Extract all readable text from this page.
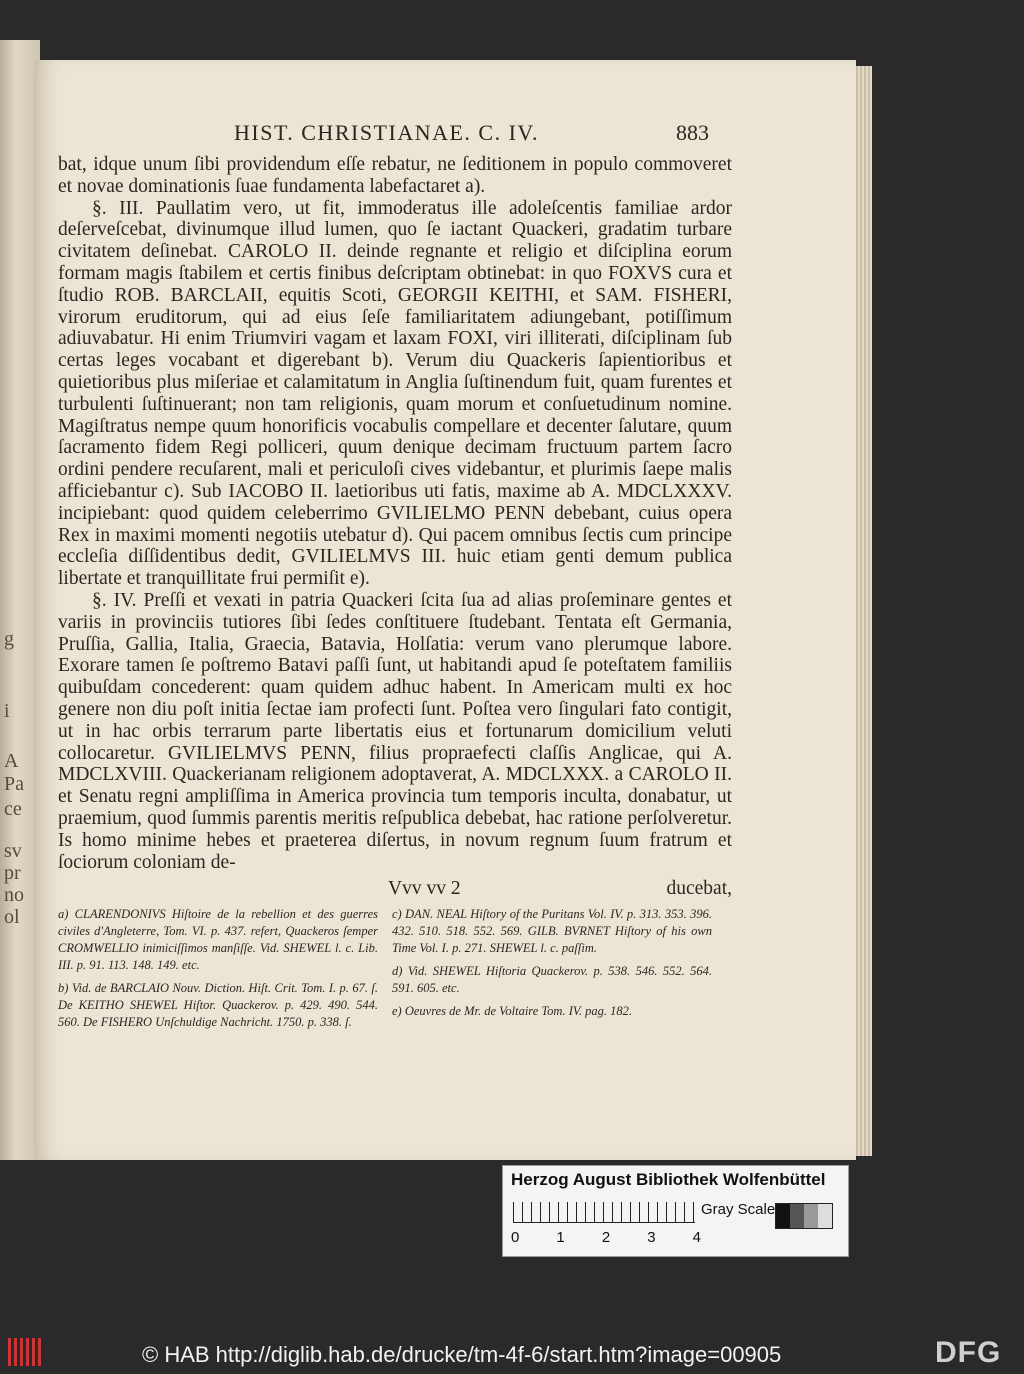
g
i
A
Pa
ce
sv
pr
no
ol
HIST. CHRISTIANAE. C. IV.	883

bat, idque unum ſibi providendum eſſe rebatur, ne ſeditionem in populo commoveret et novae dominationis ſuae fundamenta labefactaret a).

§. III. Paullatim vero, ut fit, immoderatus ille adoleſcentis familiae ardor deſerveſcebat, divinumque illud lumen, quo ſe iactant Quackeri, gradatim turbare civitatem deſinebat. CAROLO II. deinde regnante et religio et diſciplina eorum formam magis ſtabilem et certis finibus deſcriptam obtinebat: in quo FOXVS cura et ſtudio ROB. BARCLAII, equitis Scoti, GEORGII KEITHI, et SAM. FISHERI, virorum eruditorum, qui ad eius ſeſe familiaritatem adiungebant, potiſſimum adiuvabatur. Hi enim Triumviri vagam et laxam FOXI, viri illiterati, diſciplinam ſub certas leges vocabant et digerebant b). Verum diu Quackeris ſapientioribus et quietioribus plus miſeriae et calamitatum in Anglia ſuſtinendum fuit, quam furentes et turbulenti ſuſtinuerant; non tam religionis, quam morum et conſuetudinum nomine. Magiſtratus nempe quum honorificis vocabulis compellare et decenter ſalutare, quum ſacramento fidem Regi polliceri, quum denique decimam fructuum partem ſacro ordini pendere recuſarent, mali et periculoſi cives videbantur, et plurimis ſaepe malis afficiebantur c). Sub IACOBO II. laetioribus uti fatis, maxime ab A. MDCLXXXV. incipiebant: quod quidem celeberrimo GVILIELMO PENN debebant, cuius opera Rex in maximi momenti negotiis utebatur d). Qui pacem omnibus ſectis cum principe eccleſia diſſidentibus dedit, GVILIELMVS III. huic etiam genti demum publica libertate et tranquillitate frui permiſit e).

§. IV. Preſſi et vexati in patria Quackeri ſcita ſua ad alias proſeminare gentes et variis in provinciis tutiores ſibi ſedes conſtituere ſtudebant. Tentata eſt Germania, Pruſſia, Gallia, Italia, Graecia, Batavia, Holſatia: verum vano plerumque labore. Exorare tamen ſe poſtremo Batavi paſſi ſunt, ut habitandi apud ſe poteſtatem familiis quibuſdam concederent: quam quidem adhuc habent. In Americam multi ex hoc genere non diu poſt initia ſectae iam profecti ſunt. Poſtea vero ſingulari fato contigit, ut in hac orbis terrarum parte libertatis eius et fortunarum domicilium veluti collocaretur. GVILIELMVS PENN, filius propraefecti claſſis Anglicae, qui A. MDCLXVIII. Quackerianam religionem adoptaverat, A. MDCLXXX. a CAROLO II. et Senatu regni ampliſſima in America provincia tum temporis inculta, donabatur, ut praemium, quod ſummis parentis meritis reſpublica debebat, hac ratione perſolveretur. Is homo minime hebes et praeterea diſertus, in novum regnum ſuum fratrum et ſociorum coloniam de-

Vvv vv 2	ducebat,

a) CLARENDONIVS Hiſtoire de la rebellion et des guerres civiles d'Angleterre, Tom. VI. p. 437. refert, Quackeros ſemper CROMWELLIO inimiciſſimos manſiſſe. Vid. SHEWEL l. c. Lib. III. p. 91. 113. 148. 149. etc.

b) Vid. de BARCLAIO Nouv. Diction. Hiſt. Crit. Tom. I. p. 67. ſ. De KEITHO SHEWEL Hiſtor. Quackerov. p. 429. 490. 544. 560. De FISHERO Unſchuldige Nachricht. 1750. p. 338. ſ.

c) DAN. NEAL Hiſtory of the Puritans Vol. IV. p. 313. 353. 396. 432. 510. 518. 552. 569. GILB. BVRNET Hiſtory of his own Time Vol. I. p. 271. SHEWEL l. c. paſſim.

d) Vid. SHEWEL Hiſtoria Quackerov. p. 538. 546. 552. 564. 591. 605. etc.

e) Oeuvres de Mr. de Voltaire Tom. IV. pag. 182.

Herzog August Bibliothek Wolfenbüttel
Gray Scale
0 1 2 3 4
© HAB http://diglib.hab.de/drucke/tm-4f-6/start.htm?image=00905	DFG
